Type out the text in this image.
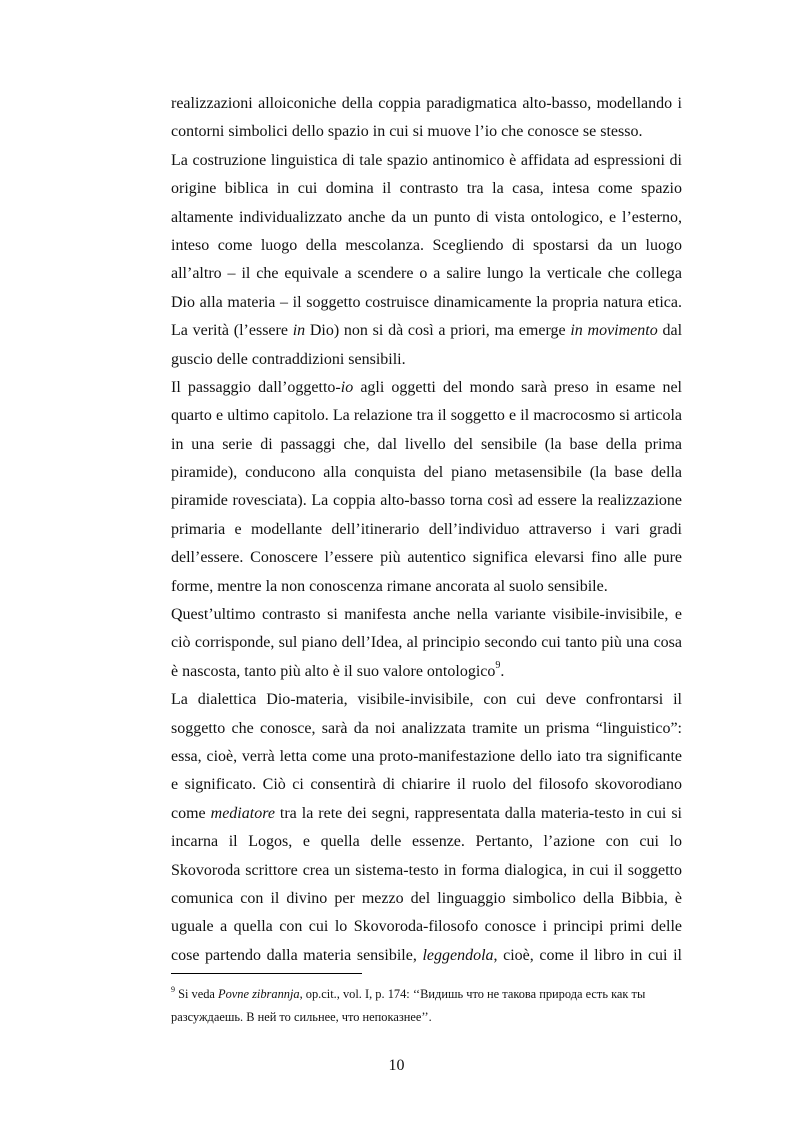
realizzazioni alloiconiche della coppia paradigmatica alto-basso, modellando i
contorni simbolici dello spazio in cui si muove l’io che conosce se stesso.
La costruzione linguistica di tale spazio antinomico è affidata ad espressioni di
origine biblica in cui domina il contrasto tra la casa, intesa come spazio
altamente individualizzato anche da un punto di vista ontologico, e l’esterno,
inteso come luogo della mescolanza. Scegliendo di spostarsi da un luogo
all’altro – il che equivale a scendere o a salire lungo la verticale che collega
Dio alla materia – il soggetto costruisce dinamicamente la propria natura etica.
La verità (l’essere in Dio) non si dà così a priori, ma emerge in movimento dal
guscio delle contraddizioni sensibili.
Il passaggio dall’oggetto-io agli oggetti del mondo sarà preso in esame nel
quarto e ultimo capitolo. La relazione tra il soggetto e il macrocosmo si articola
in una serie di passaggi che, dal livello del sensibile (la base della prima
piramide), conducono alla conquista del piano metasensibile (la base della
piramide rovesciata). La coppia alto-basso torna così ad essere la realizzazione
primaria e modellante dell’itinerario dell’individuo attraverso i vari gradi
dell’essere. Conoscere l’essere più autentico significa elevarsi fino alle pure
forme, mentre la non conoscenza rimane ancorata al suolo sensibile.
Quest’ultimo contrasto si manifesta anche nella variante visibile-invisibile, e
ciò corrisponde, sul piano dell’Idea, al principio secondo cui tanto più una cosa
è nascosta, tanto più alto è il suo valore ontologico$^9$.
La dialettica Dio-materia, visibile-invisibile, con cui deve confrontarsi il
soggetto che conosce, sarà da noi analizzata tramite un prisma “linguistico”:
essa, cioè, verrà letta come una proto-manifestazione dello iato tra significante
e significato. Ciò ci consentirà di chiarire il ruolo del filosofo skovorodiano
come mediatore tra la rete dei segni, rappresentata dalla materia-testo in cui si
incarna il Logos, e quella delle essenze. Pertanto, l’azione con cui lo
Skovoroda scrittore crea un sistema-testo in forma dialogica, in cui il soggetto
comunica con il divino per mezzo del linguaggio simbolico della Bibbia, è
uguale a quella con cui lo Skovoroda-filosofo conosce i principi primi delle
cose partendo dalla materia sensibile, leggendola, cioè, come il libro in cui il
$^9$ Si veda Povne zibrannja, op.cit., vol. I, p. 174: ‘‘Видишь что не такова природа есть как ты
разсуждаешь. В ней то сильнее, что непоказнее’’.
10
